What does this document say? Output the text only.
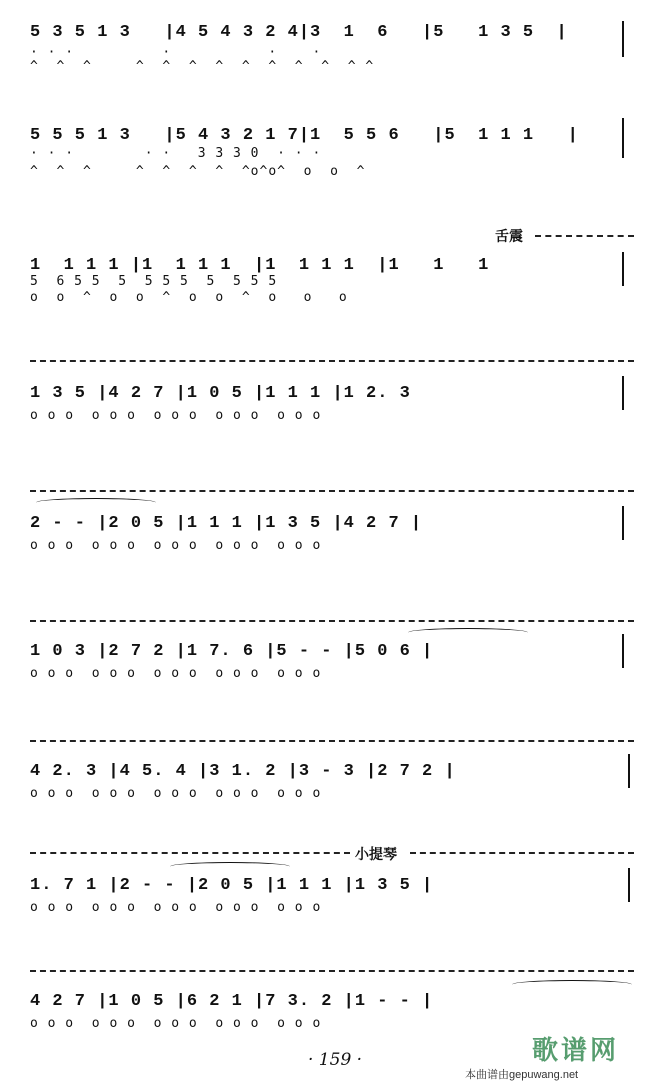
5 3 5 1 3   |4 5 4 3 2 4|3  1  6   |5   1 3 5  |
· · ·          ·           ·    ·
^  ^  ^     ^  ^  ^  ^  ^  ^  ^  ^  ^ ^
5 5 5 1 3   |5 4 3 2 1 7|1  5 5 6   |5  1 1 1   |
· · ·        · ·   3 3 3 0  · · ·
^  ^  ^     ^  ^  ^  ^  ^o^o^  o  o  ^
舌震
1  1 1 1 |1  1 1 1  |1  1 1 1  |1   1   1
5  6 5 5  5  5 5 5  5  5 5 5
o  o  ^  o  o  ^  o  o  ^  o   o   o
1 3 5 |4 2 7 |1 0 5 |1 1 1 |1 2. 3
o o o  o o o  o o o  o o o  o o o
2 - - |2 0 5 |1 1 1 |1 3 5 |4 2 7 |
o o o  o o o  o o o  o o o  o o o
1 0 3 |2 7 2 |1 7. 6 |5 - - |5 0 6 |
o o o  o o o  o o o  o o o  o o o
4 2. 3 |4 5. 4 |3 1. 2 |3 - 3 |2 7 2 |
o o o  o o o  o o o  o o o  o o o
小提琴
1. 7 1 |2 - - |2 0 5 |1 1 1 |1 3 5 |
o o o  o o o  o o o  o o o  o o o
4 2 7 |1 0 5 |6 2 1 |7 3. 2 |1 - - |
o o o  o o o  o o o  o o o  o o o
· 159 ·	歌谱网
本曲谱由gepuwang.net
